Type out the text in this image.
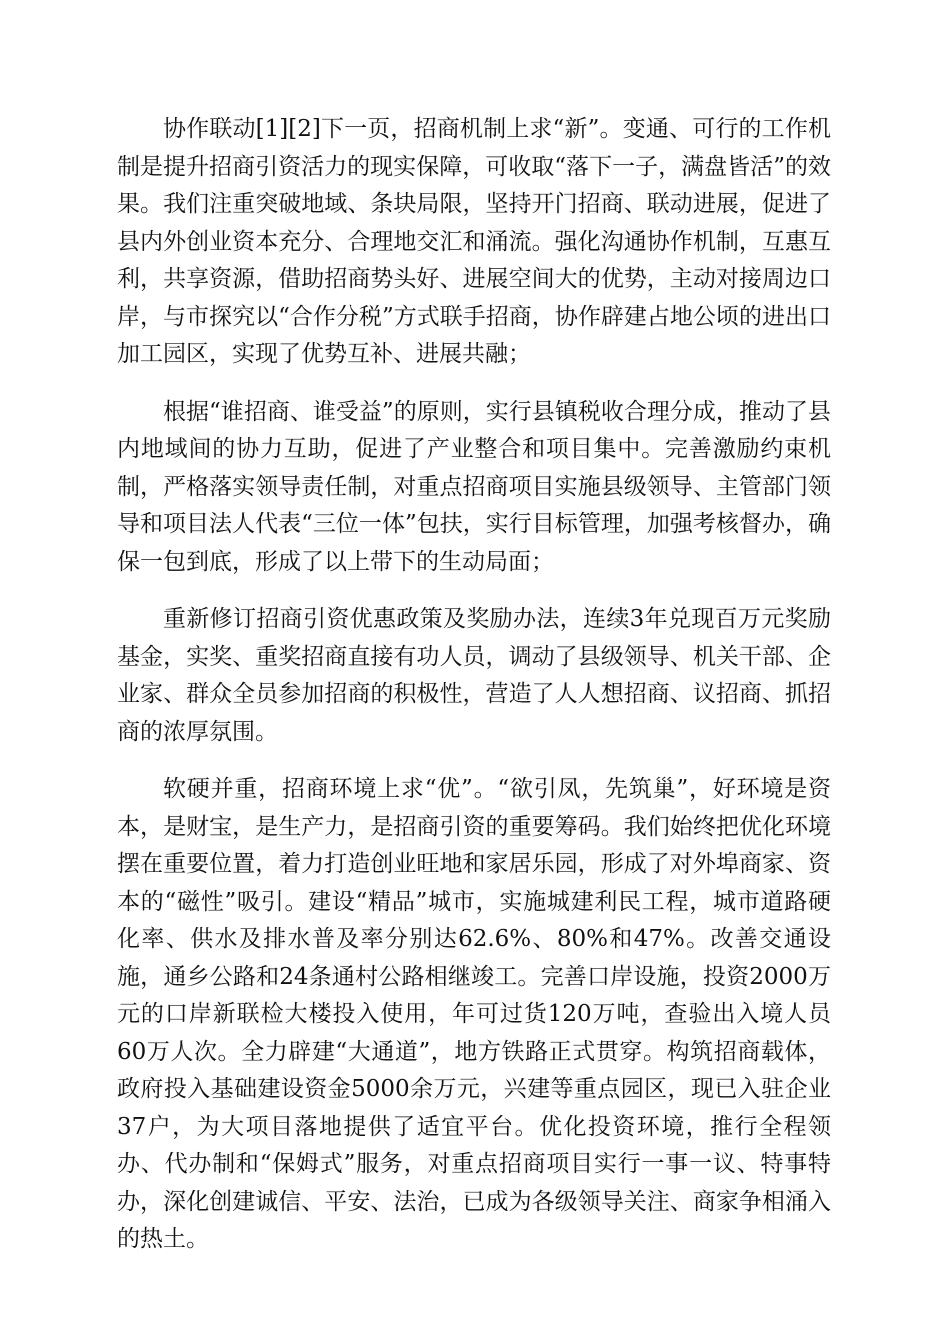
协作联动[1][2]下一页，招商机制上求“新”。变通、可行的工作机制是提升招商引资活力的现实保障，可收取“落下一子，满盘皆活”的效果。我们注重突破地域、条块局限，坚持开门招商、联动进展，促进了县内外创业资本充分、合理地交汇和涌流。强化沟通协作机制，互惠互利，共享资源，借助招商势头好、进展空间大的优势，主动对接周边口岸，与市探究以“合作分税”方式联手招商，协作辟建占地公顷的进出口加工园区，实现了优势互补、进展共融；

根据“谁招商、谁受益”的原则，实行县镇税收合理分成，推动了县内地域间的协力互助，促进了产业整合和项目集中。完善激励约束机制，严格落实领导责任制，对重点招商项目实施县级领导、主管部门领导和项目法人代表“三位一体”包扶，实行目标管理，加强考核督办，确保一包到底，形成了以上带下的生动局面；

重新修订招商引资优惠政策及奖励办法，连续3年兑现百万元奖励基金，实奖、重奖招商直接有功人员，调动了县级领导、机关干部、企业家、群众全员参加招商的积极性，营造了人人想招商、议招商、抓招商的浓厚氛围。

软硬并重，招商环境上求“优”。“欲引凤，先筑巢”，好环境是资本，是财宝，是生产力，是招商引资的重要筹码。我们始终把优化环境摆在重要位置，着力打造创业旺地和家居乐园，形成了对外埠商家、资本的“磁性”吸引。建设“精品”城市，实施城建利民工程，城市道路硬化率、供水及排水普及率分别达62.6%、80%和47%。改善交通设施，通乡公路和24条通村公路相继竣工。完善口岸设施，投资2000万元的口岸新联检大楼投入使用，年可过货120万吨，查验出入境人员60万人次。全力辟建“大通道”，地方铁路正式贯穿。构筑招商载体，政府投入基础建设资金5000余万元，兴建等重点园区，现已入驻企业37户，为大项目落地提供了适宜平台。优化投资环境，推行全程领办、代办制和“保姆式”服务，对重点招商项目实行一事一议、特事特办，深化创建诚信、平安、法治，已成为各级领导关注、商家争相涌入的热土。
